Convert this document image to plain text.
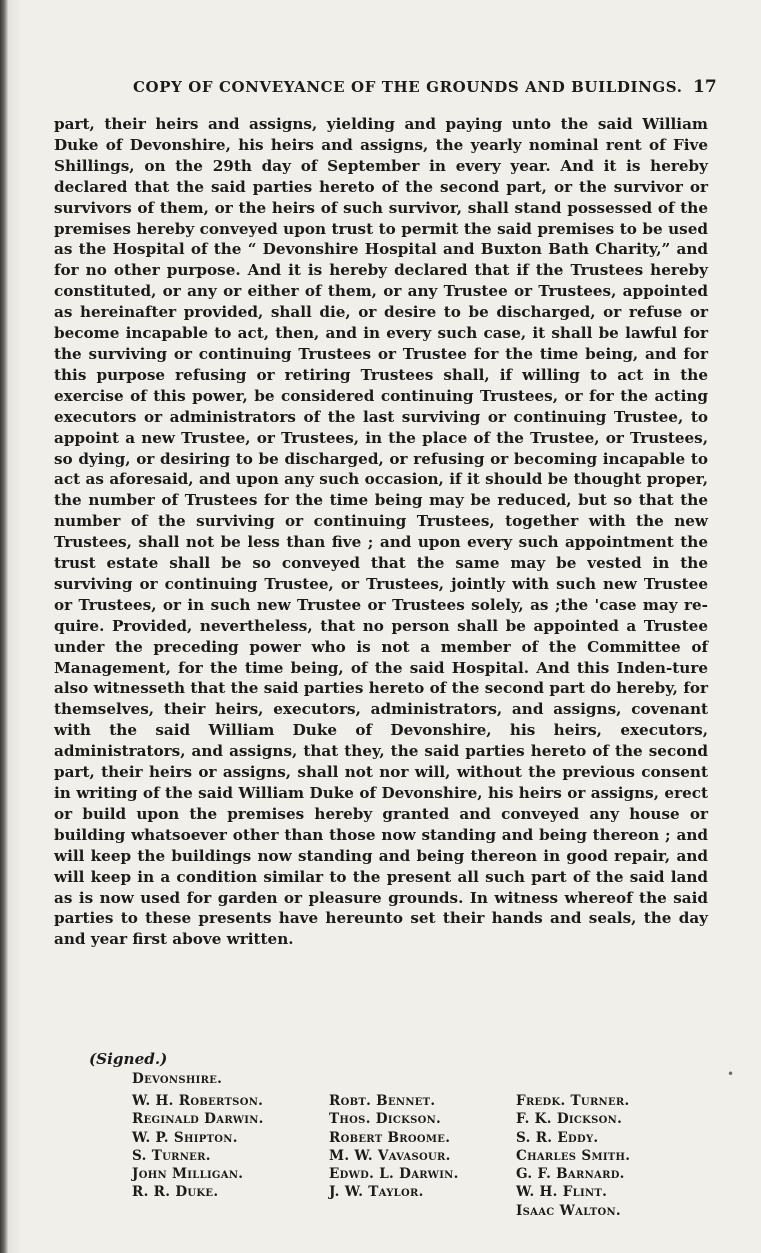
COPY OF CONVEYANCE OF THE GROUNDS AND BUILDINGS. 17

part, their heirs and assigns, yielding and paying unto the said William Duke of Devonshire, his heirs and assigns, the yearly nominal rent of Five Shillings, on the 29th day of September in every year. And it is hereby declared that the said parties hereto of the second part, or the survivor or survivors of them, or the heirs of such survivor, shall stand possessed of the premises hereby conveyed upon trust to permit the said premises to be used as the Hospital of the “ Devonshire Hospital and Buxton Bath Charity,” and for no other purpose. And it is hereby declared that if the Trustees hereby constituted, or any or either of them, or any Trustee or Trustees, appointed as hereinafter provided, shall die, or desire to be discharged, or refuse or become incapable to act, then, and in every such case, it shall be lawful for the surviving or continuing Trustees or Trustee for the time being, and for this purpose refusing or retiring Trustees shall, if willing to act in the exercise of this power, be considered continuing Trustees, or for the acting executors or administrators of the last surviving or continuing Trustee, to appoint a new Trustee, or Trustees, in the place of the Trustee, or Trustees, so dying, or desiring to be discharged, or refusing or becoming incapable to act as aforesaid, and upon any such occasion, if it should be thought proper, the number of Trustees for the time being may be reduced, but so that the number of the surviving or continuing Trustees, together with the new Trustees, shall not be less than five ; and upon every such appointment the trust estate shall be so conveyed that the same may be vested in the surviving or continuing Trustee, or Trustees, jointly with such new Trustee or Trustees, or in such new Trustee or Trustees solely, as ;the 'case may re-quire. Provided, nevertheless, that no person shall be appointed a Trustee under the preceding power who is not a member of the Committee of Management, for the time being, of the said Hospital. And this Inden-ture also witnesseth that the said parties hereto of the second part do hereby, for themselves, their heirs, executors, administrators, and assigns, covenant with the said William Duke of Devonshire, his heirs, executors, administrators, and assigns, that they, the said parties hereto of the second part, their heirs or assigns, shall not nor will, without the previous consent in writing of the said William Duke of Devonshire, his heirs or assigns, erect or build upon the premises hereby granted and conveyed any house or building whatsoever other than those now standing and being thereon ; and will keep the buildings now standing and being thereon in good repair, and will keep in a condition similar to the present all such part of the said land as is now used for garden or pleasure grounds. In witness whereof the said parties to these presents have hereunto set their hands and seals, the day and year first above written.

(Signed.)
Devonshire.
W. H. Robertson.
Reginald Darwin.
W. P. Shipton.
S. Turner.
John Milligan.
R. R. Duke.
Robt. Bennet.
Thos. Dickson.
Robert Broome.
M. W. Vavasour.
Edwd. L. Darwin.
J. W. Taylor.
Fredk. Turner.
F. K. Dickson.
S. R. Eddy.
Charles Smith.
G. F. Barnard.
W. H. Flint.
Isaac Walton.
•
